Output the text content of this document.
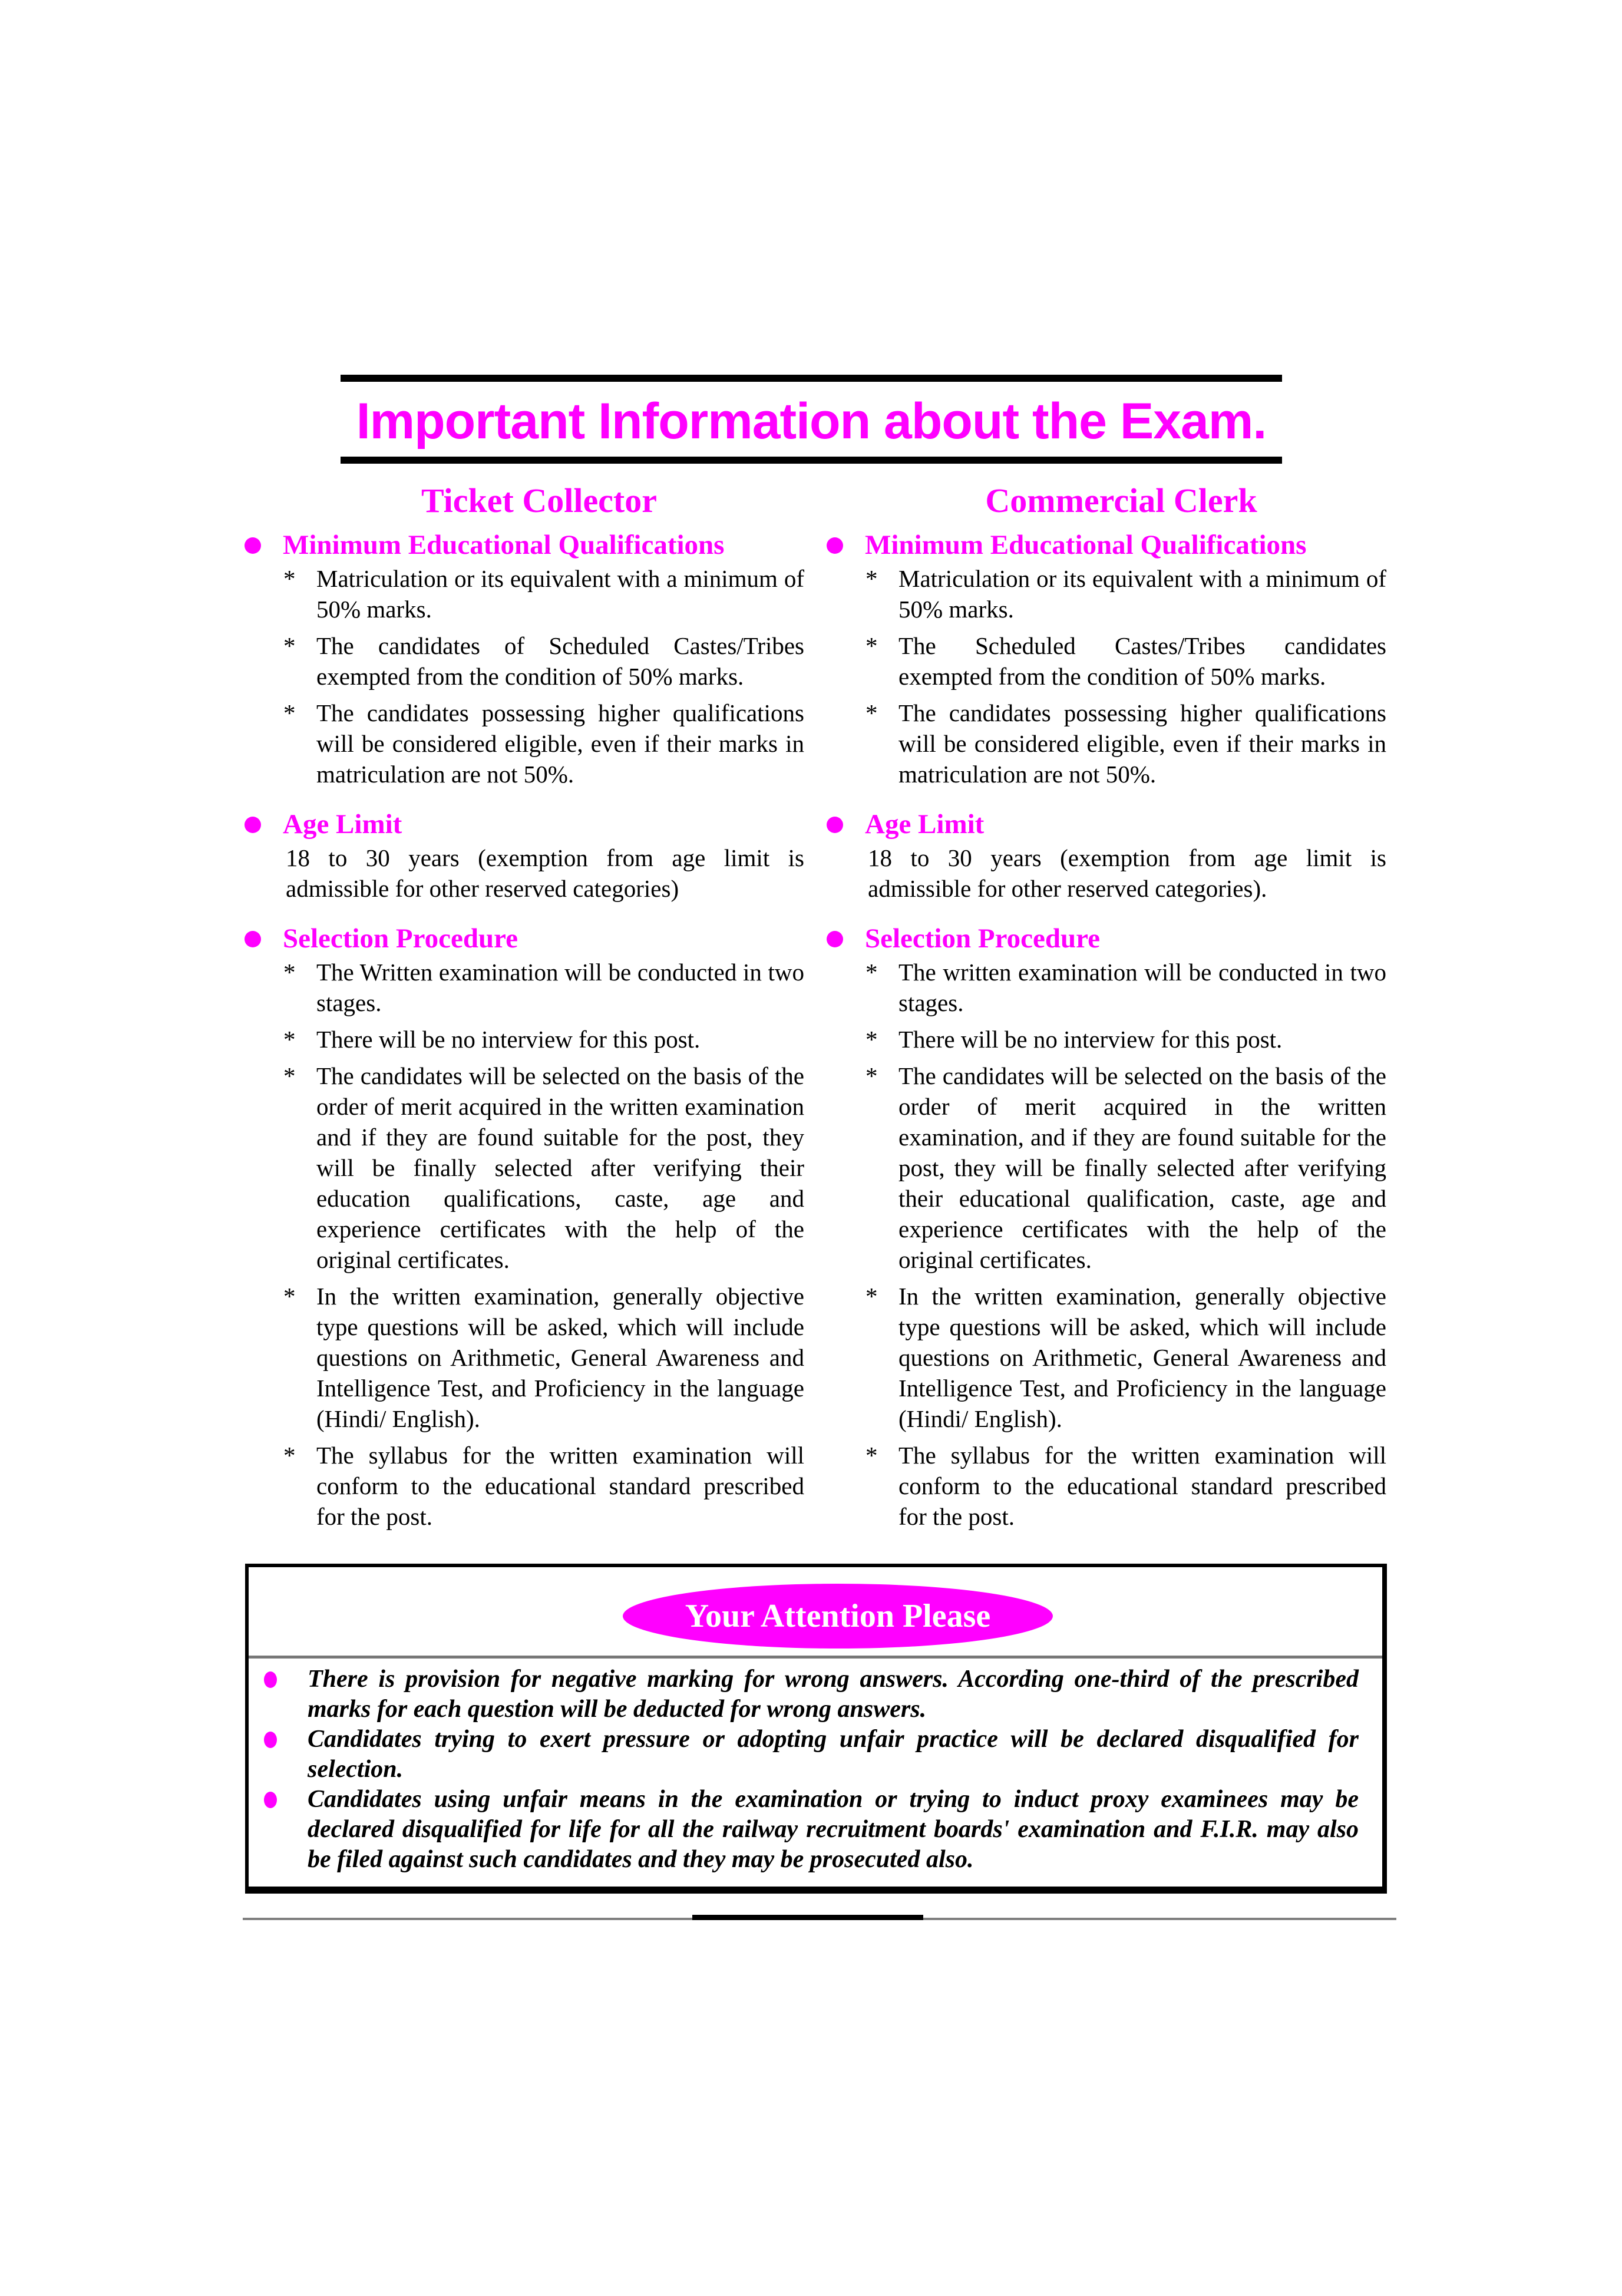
Important Information about the Exam.
Ticket Collector
Minimum Educational Qualifications
* Matriculation or its equivalent with a minimum of 50% marks.
* The candidates of Scheduled Castes/Tribes exempted from the condition of 50% marks.
* The candidates possessing higher qualifications will be considered eligible, even if their marks in matriculation are not 50%.
Age Limit
18 to 30 years (exemption from age limit is admissible for other reserved categories)
Selection Procedure
* The Written examination will be conducted in two stages.
* There will be no interview for this post.
* The candidates will be selected on the basis of the order of merit acquired in the written examination and if they are found suitable for the post, they will be finally selected after verifying their education qualifications, caste, age and experience certificates with the help of the original certificates.
* In the written examination, generally objective type questions will be asked, which will include questions on Arithmetic, General Awareness and Intelligence Test, and Proficiency in the language (Hindi/ English).
* The syllabus for the written examination will conform to the educational standard prescribed for the post.
Commercial Clerk
Minimum Educational Qualifications
* Matriculation or its equivalent with a minimum of 50% marks.
* The Scheduled Castes/Tribes candidates exempted from the condition of 50% marks.
* The candidates possessing higher qualifications will be considered eligible, even if their marks in matriculation are not 50%.
Age Limit
18 to 30 years (exemption from age limit is admissible for other reserved categories).
Selection Procedure
* The written examination will be conducted in two stages.
* There will be no interview for this post.
* The candidates will be selected on the basis of the order of merit acquired in the written examination, and if they are found suitable for the post, they will be finally selected after verifying their educational qualification, caste, age and experience certificates with the help of the original certificates.
* In the written examination, generally objective type questions will be asked, which will include questions on Arithmetic, General Awareness and Intelligence Test, and Proficiency in the language (Hindi/ English).
* The syllabus for the written examination will conform to the educational standard prescribed for the post.
Your Attention Please
There is provision for negative marking for wrong answers. According one-third of the prescribed marks for each question will be deducted for wrong answers.
Candidates trying to exert pressure or adopting unfair practice will be declared disqualified for selection.
Candidates using unfair means in the examination or trying to induct proxy examinees may be declared disqualified for life for all the railway recruitment boards' examination and F.I.R. may also be filed against such candidates and they may be prosecuted also.
